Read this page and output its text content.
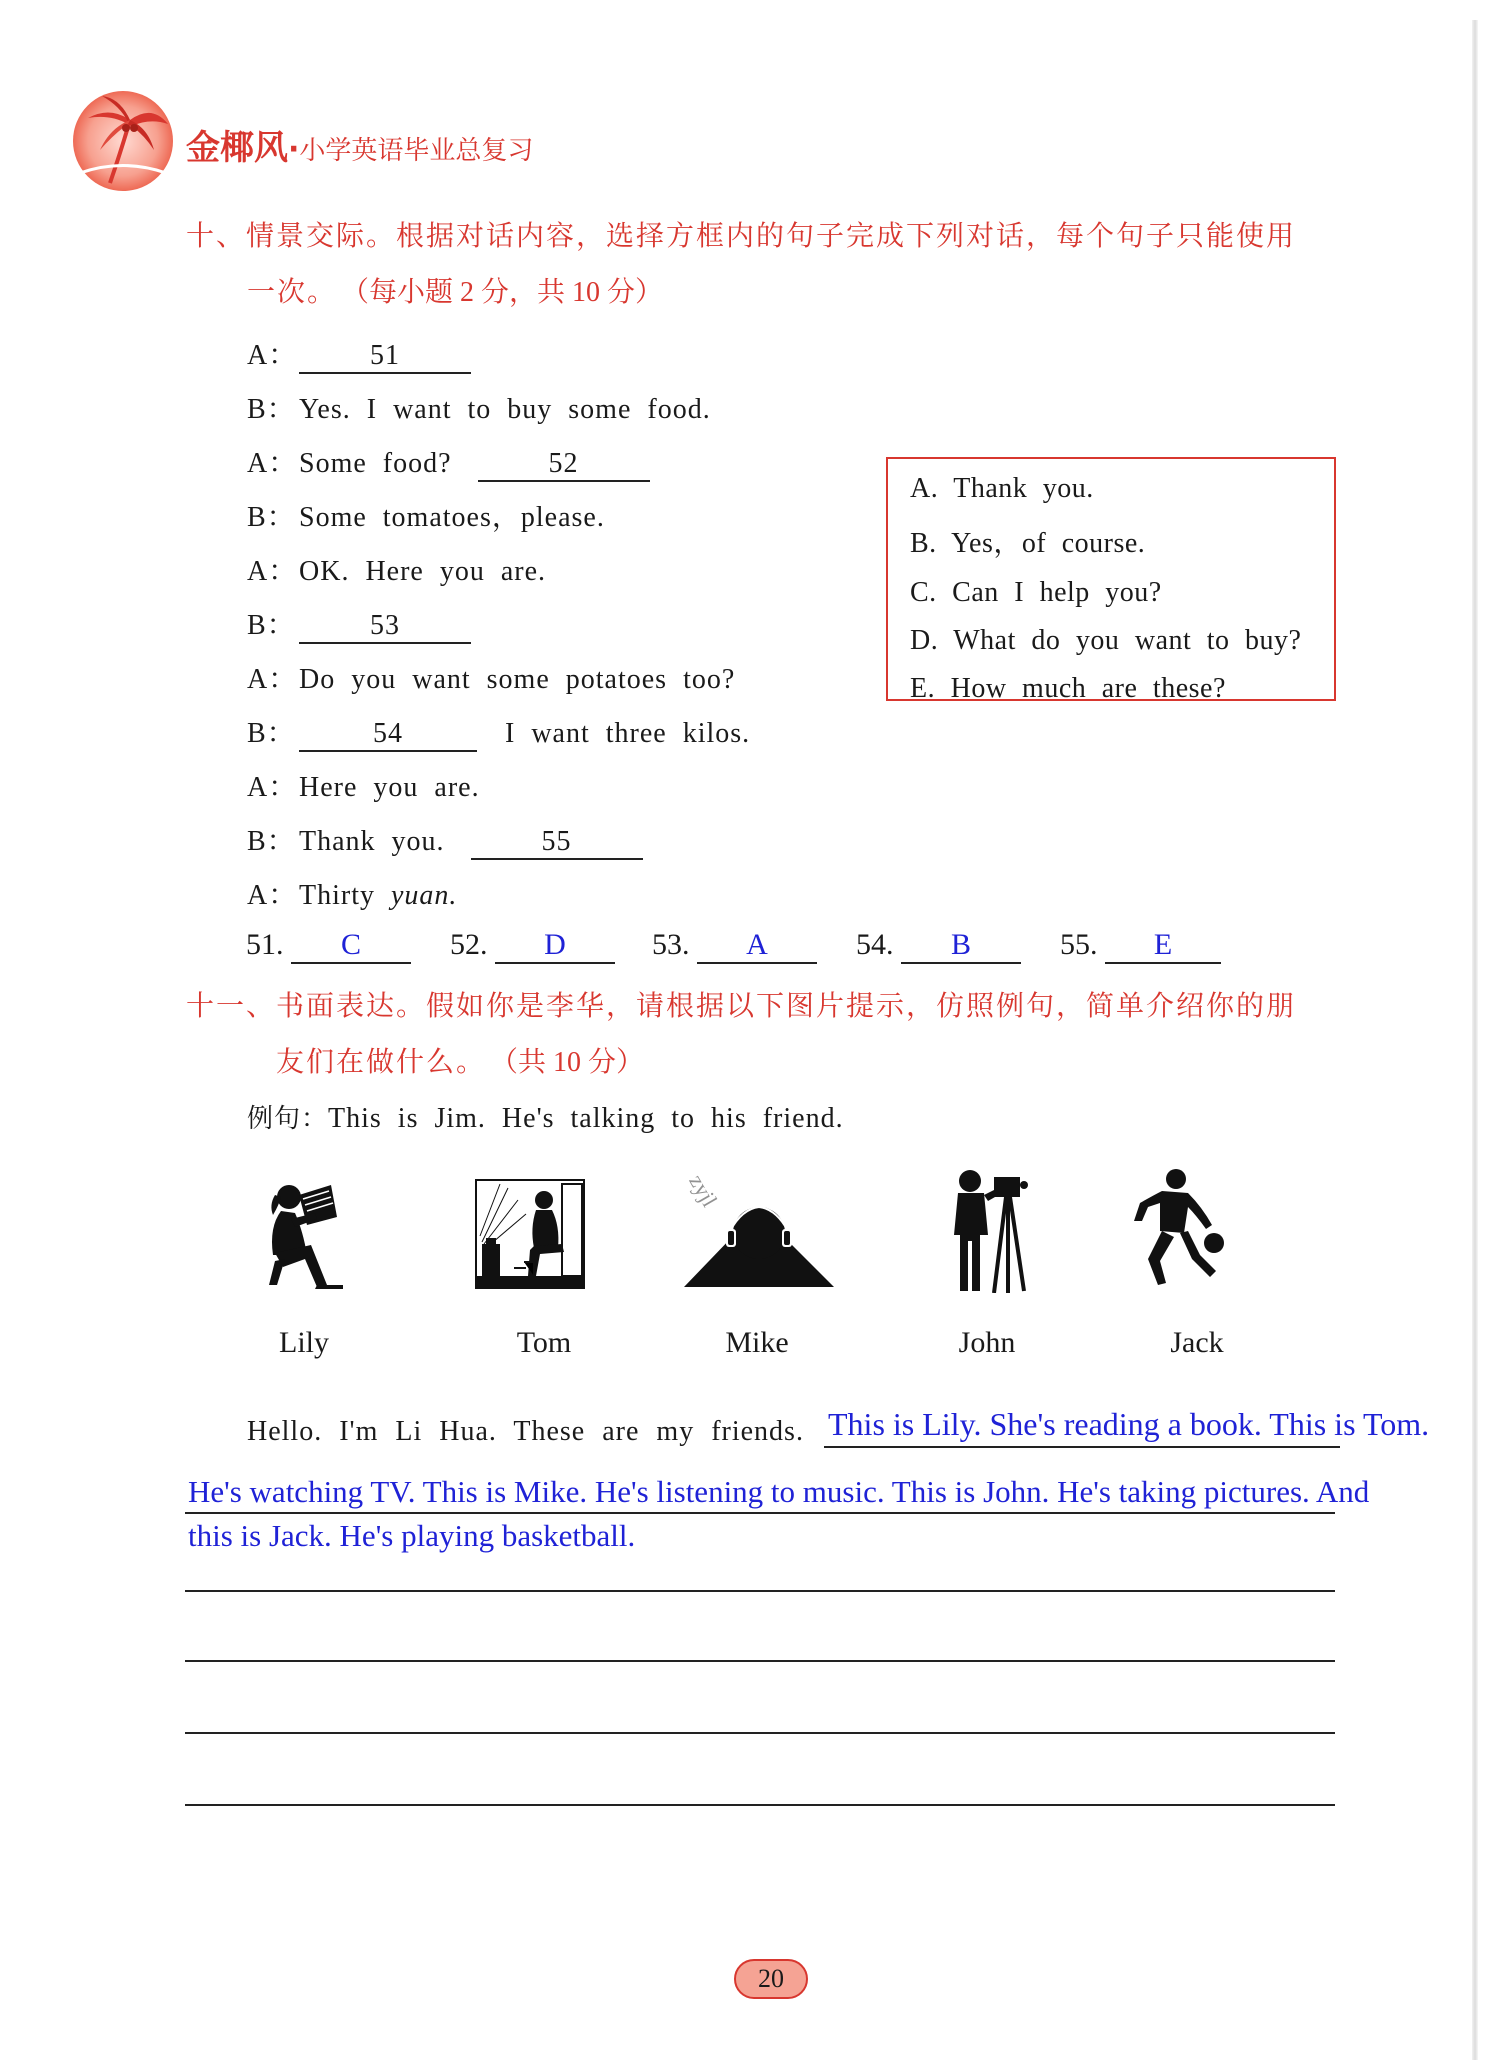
金椰风·小学英语毕业总复习
十、情景交际。根据对话内容，选择方框内的句子完成下列对话，每个句子只能使用
一次。 （每小题 2 分，共 10 分）
A：	51
B： Yes. I want to buy some food.
A：Some food?	52
B： Some tomatoes，please.
A：OK. Here you are.
B：	53
A：Do you want some potatoes too?
B：	54	I want three kilos.
A：Here you are.
B： Thank you.	55
A：Thirty yuan.
A. Thank you.
B. Yes，of course.
C. Can I help you?
D. What do you want to buy?
E. How much are these?
51. C	52. D	53. A	54. B	55. E
十一、书面表达。假如你是李华，请根据以下图片提示，仿照例句，简单介绍你的朋
友们在做什么。 （共 10 分）
例句：This is Jim. He's talking to his friend.
zyjl
Lily	Tom	Mike	John	Jack
Hello. I'm Li Hua. These are my friends. This is Lily. She's reading a book. This is Tom.
He's watching TV. This is Mike. He's listening to music. This is John. He's taking pictures. And
this is Jack. He's playing basketball.
20
